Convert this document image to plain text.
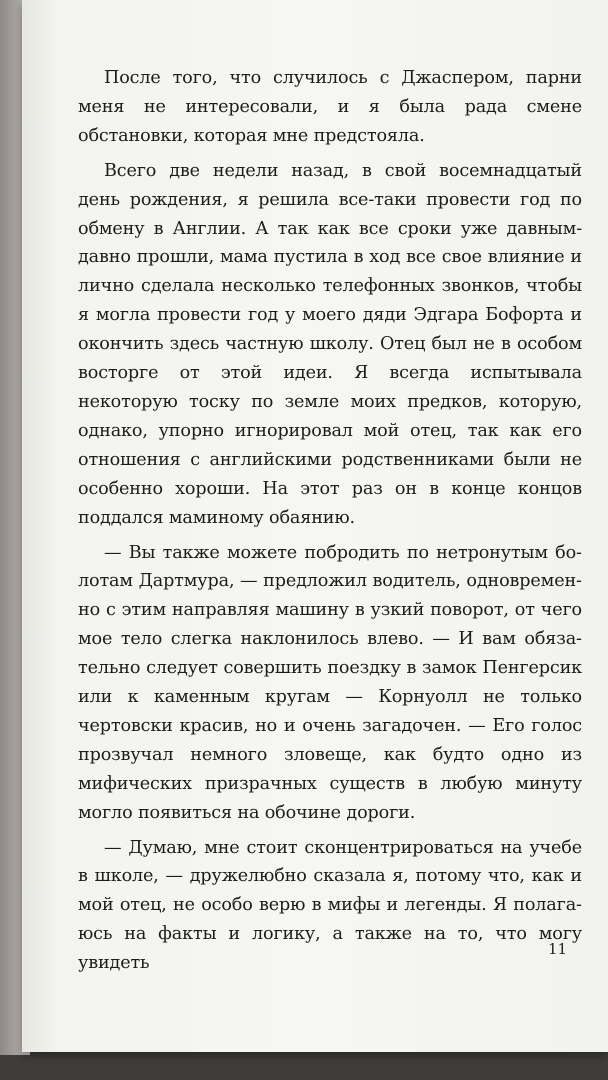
После того, что случилось с Джаспером, парни меня не интересовали, и я была рада смене обстановки, которая мне предстояла.

Всего две недели назад, в свой восемнадцатый день рождения, я решила все-таки провести год по обмену в Англии. А так как все сроки уже давным-давно прошли, мама пустила в ход все свое влияние и лично сделала несколько телефонных звонков, чтобы я могла провести год у моего дяди Эдгара Бофорта и окончить здесь частную школу. Отец был не в особом восторге от этой идеи. Я всегда испытывала некоторую тоску по земле моих предков, которую, однако, упорно игнорировал мой отец, так как его отношения с английскими родственниками были не особенно хороши. На этот раз он в конце концов поддался маминому обаянию.

— Вы также можете побродить по нетронутым болотам Дартмура, — предложил водитель, одновременно с этим направляя машину в узкий поворот, от чего мое тело слегка наклонилось влево. — И вам обязательно следует совершить поездку в замок Пенгерсик или к каменным кругам — Корнуолл не только чертовски красив, но и очень загадочен. — Его голос прозвучал немного зловеще, как будто одно из мифических призрачных существ в любую минуту могло появиться на обочине дороги.

— Думаю, мне стоит сконцентрироваться на учебе в школе, — дружелюбно сказала я, потому что, как и мой отец, не особо верю в мифы и легенды. Я полагаюсь на факты и логику, а также на то, что могу увидеть

11
